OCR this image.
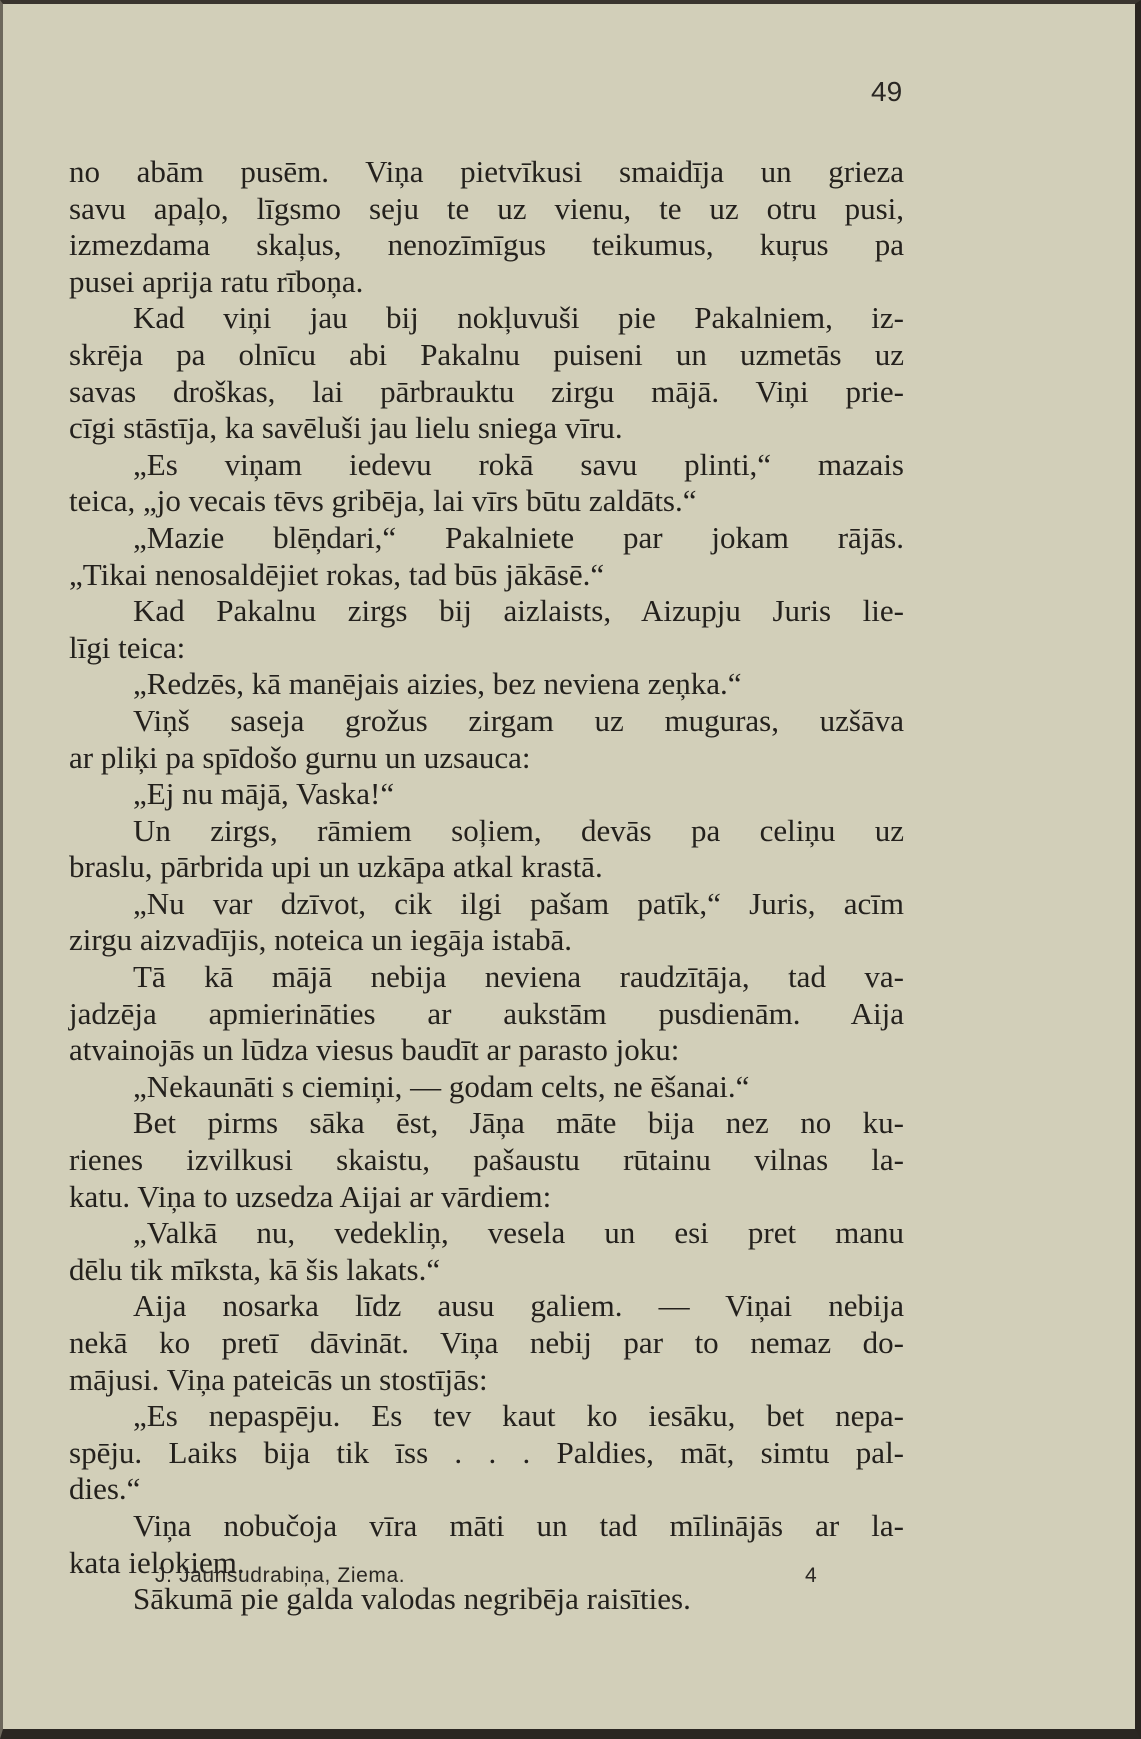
49
no abām pusēm. Viņa pietvīkusi smaidīja un grieza
savu apaļo, līgsmo seju te uz vienu, te uz otru pusi,
izmezdama skaļus, nenozīmīgus teikumus, kuŗus pa
pusei aprija ratu rībоņa.
Kad viņi jau bij nokļuvuši pie Pakalniem, iz-
skrēja pa olnīcu abi Pakalnu puiseni un uzmetās uz
savas droškas, lai pārbrauktu zirgu mājā. Viņi prie-
cīgi stāstīja, ka savēluši jau lielu sniega vīru.
„Es viņam iedevu rokā savu plinti,“ mazais
teica, „jo vecais tēvs gribēja, lai vīrs būtu zaldāts.“
„Mazie blēņdari,“ Pakalniete par jokam rājās.
„Tikai nenosaldējiet rokas, tad būs jākāsē.“
Kad Pakalnu zirgs bij aizlaists, Aizupju Juris lie-
līgi teica:
„Redzēs, kā manējais aizies, bez neviena zeņka.“
Viņš saseja grožus zirgam uz muguras, uzšāva
ar pliķi pa spīdošo gurnu un uzsauca:
„Ej nu mājā, Vaska!“
Un zirgs, rāmiem soļiem, devās pa celiņu uz
braslu, pārbrida upi un uzkāpa atkal krastā.
„Nu var dzīvot, cik ilgi pašam patīk,“ Juris, acīm
zirgu aizvadījis, noteica un iegāja istabā.
Tā kā mājā nebija neviena raudzītāja, tad va-
jadzēja apmierināties ar aukstām pusdienām. Aija
atvainojās un lūdza viesus baudīt ar parasto joku:
„Nekaunāti s ciemiņi, — godam celts, ne ēšanai.“
Bet pirms sāka ēst, Jāņa māte bija nez no ku-
rienes izvilkusi skaistu, pašaustu rūtainu vilnas la-
katu. Viņa to uzsedza Aijai ar vārdiem:
„Valkā nu, vedekliņ, vesela un esi pret manu
dēlu tik mīksta, kā šis lakats.“
Aija nosarka līdz ausu galiem. — Viņai nebija
nekā ko pretī dāvināt. Viņa nebij par to nemaz do-
mājusi. Viņa pateicās un stostījās:
„Es nepaspēju. Es tev kaut ko iesāku, bet nepa-
spēju. Laiks bija tik īss . . . Paldies, māt, simtu pal-
dies.“
Viņa nobučoja vīra māti un tad mīlinājās ar la-
kata ielokiem.
Sākumā pie galda valodas negribēja raisīties.
J. Jaunsudrabiņa, Ziema.	4
